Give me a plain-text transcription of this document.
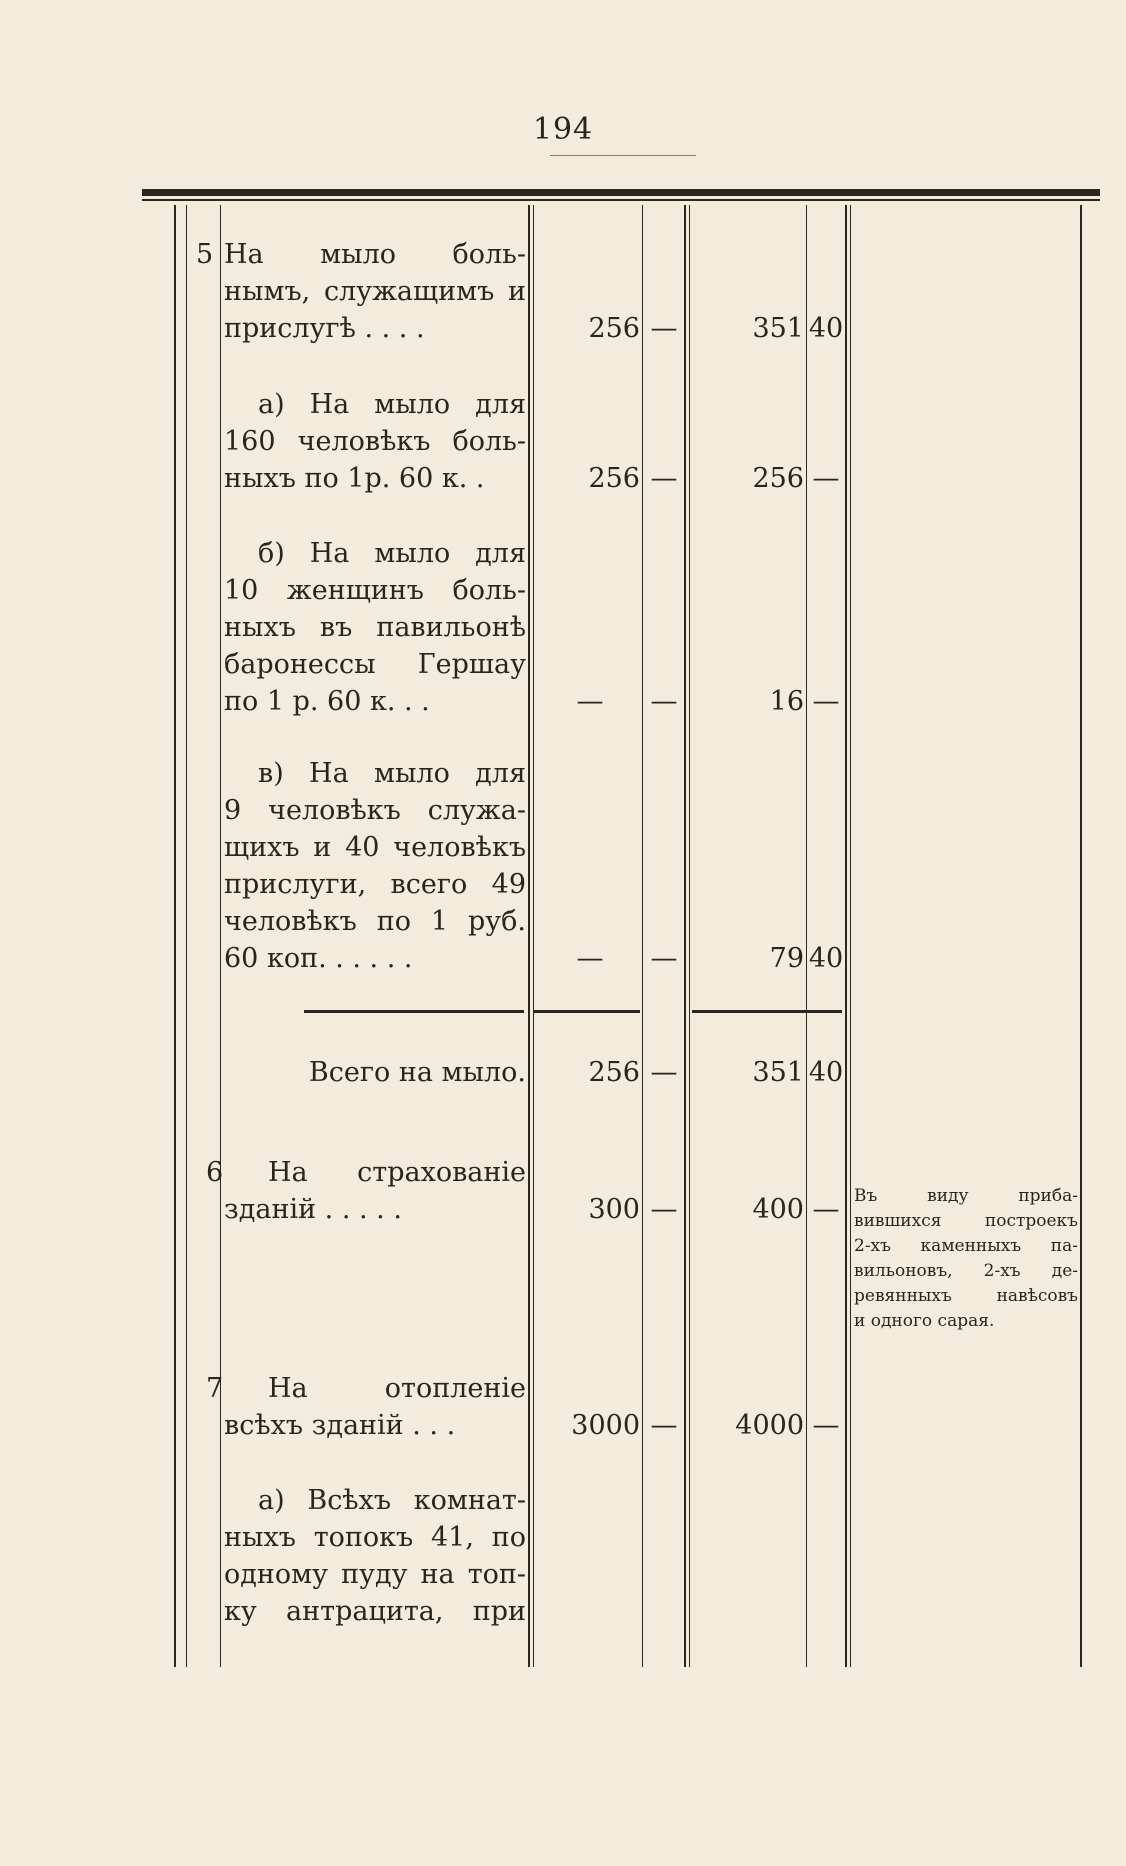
194
5 На мыло боль-
нымъ, служащимъ и
прислугѣ . . . .	256 —	351 40
а) На мыло для
160 человѣкъ боль-
ныхъ по 1р. 60 к. .	256 —	256 —
б) На мыло для
10 женщинъ боль-
ныхъ въ павильонѣ
баронессы Гершау
по 1 р. 60 к. . .	—	—	16 —
в) На мыло для
9 человѣкъ служа-
щихъ и 40 человѣкъ
прислуги, всего 49
человѣкъ по 1 руб.
60 коп. . . . . .	—	—	79 40
Всего на мыло.	256 —	351 40
6 На страхованіе
зданій . . . . .	300 —	400 — Въ виду приба-
вившихся построекъ
2-хъ каменныхъ па-
вильоновъ, 2-хъ де-
ревянныхъ навѣсовъ
и одного сарая.
7 На отопленіе
всѣхъ зданій . . .	3000 —	4000 —
а) Всѣхъ комнат-
ныхъ топокъ 41, по
одному пуду на топ-
ку антрацита, при
